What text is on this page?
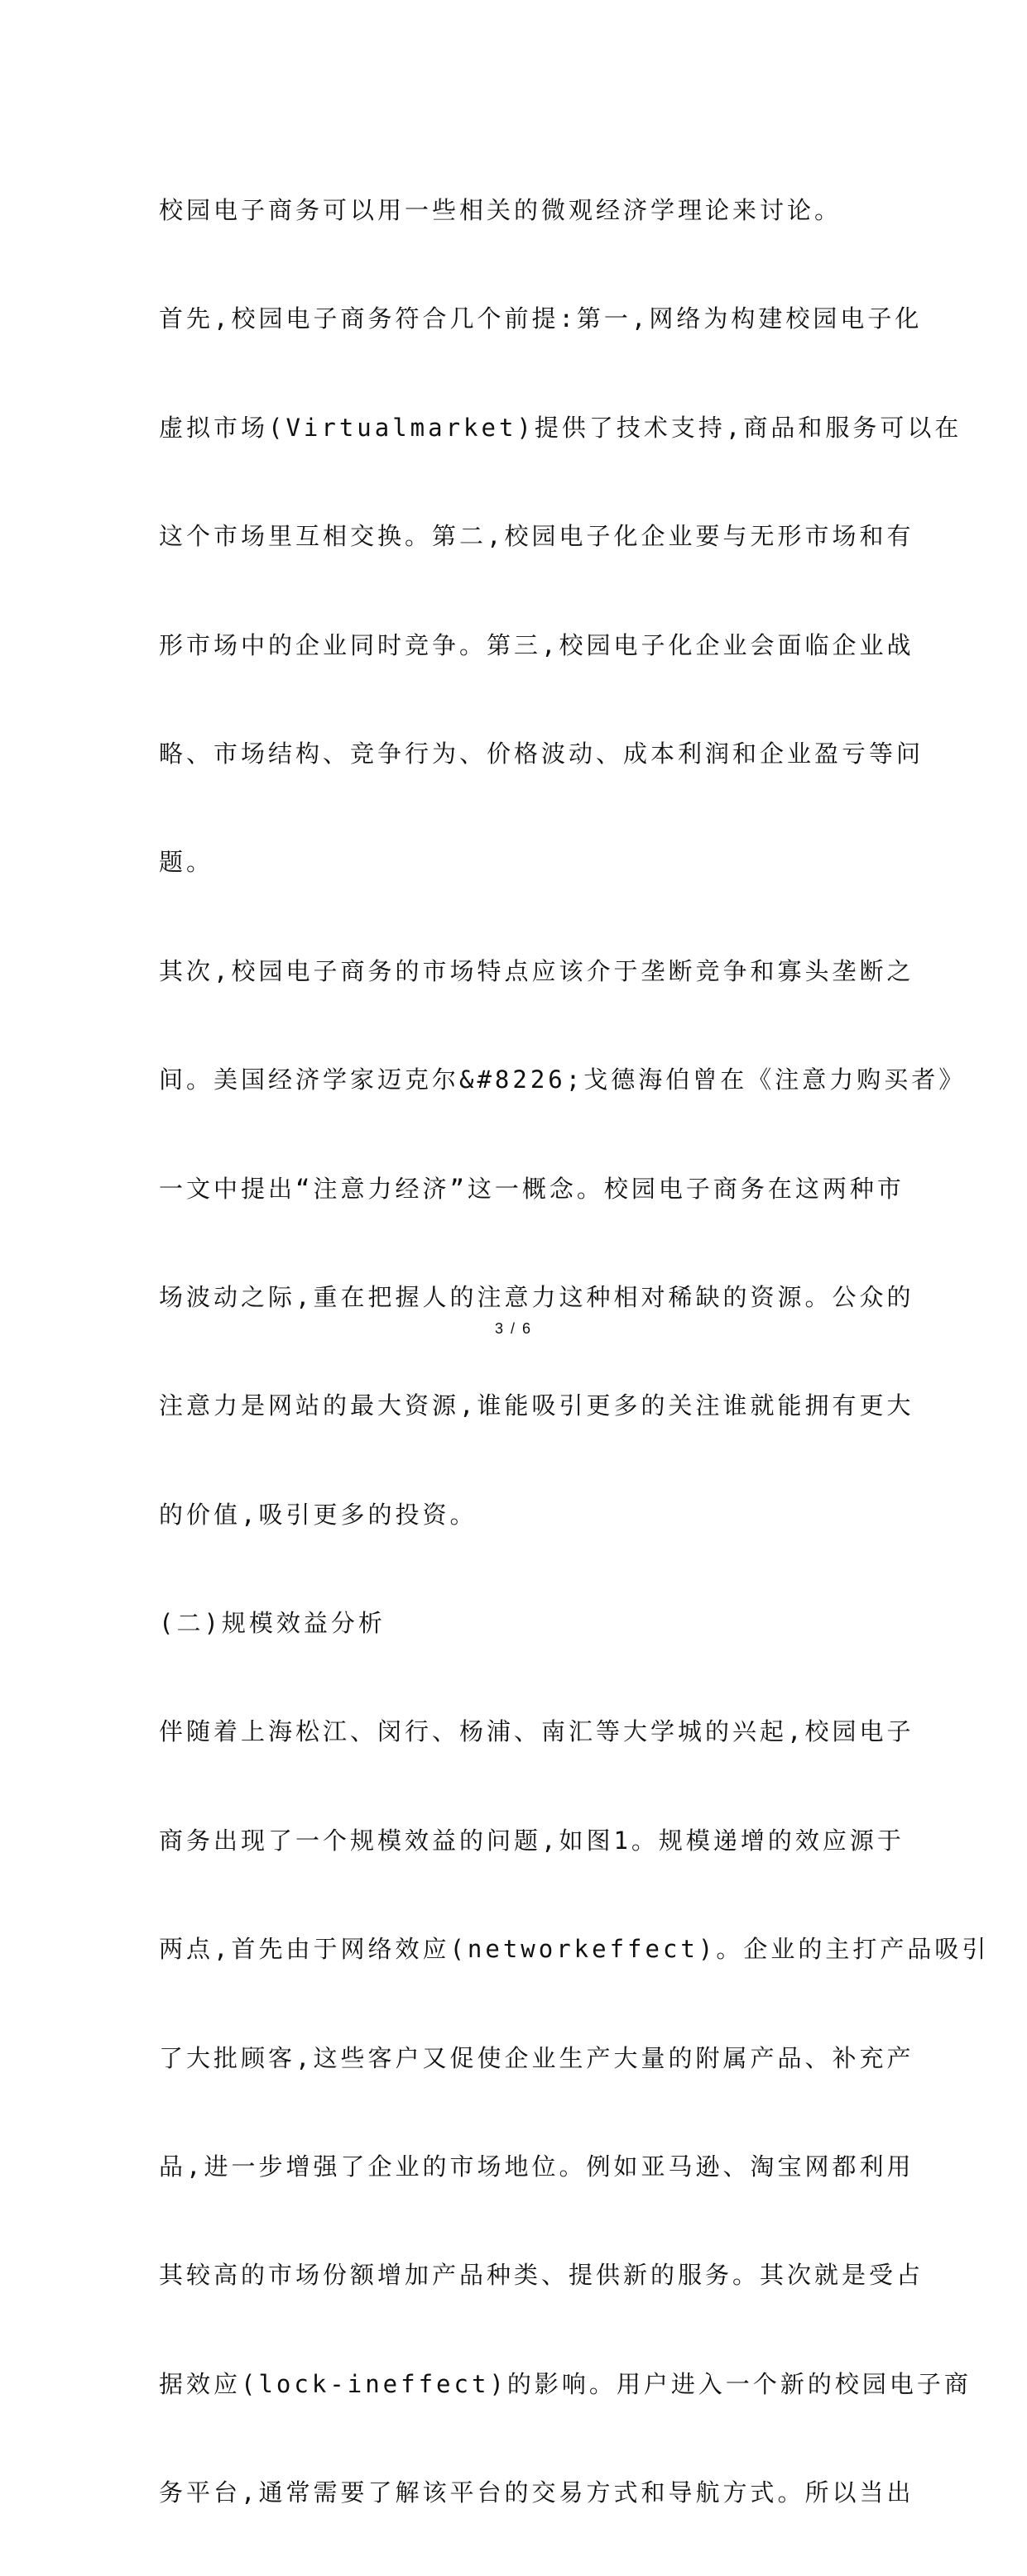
校园电子商务可以用一些相关的微观经济学理论来讨论。

首先,校园电子商务符合几个前提:第一,网络为构建校园电子化

虚拟市场(Virtualmarket)提供了技术支持,商品和服务可以在

这个市场里互相交换。第二,校园电子化企业要与无形市场和有

形市场中的企业同时竞争。第三,校园电子化企业会面临企业战

略、市场结构、竞争行为、价格波动、成本利润和企业盈亏等问

题。

其次,校园电子商务的市场特点应该介于垄断竞争和寡头垄断之

间。美国经济学家迈克尔&#8226;戈德海伯曾在《注意力购买者》

一文中提出“注意力经济”这一概念。校园电子商务在这两种市

场波动之际,重在把握人的注意力这种相对稀缺的资源。公众的

注意力是网站的最大资源,谁能吸引更多的关注谁就能拥有更大

的价值,吸引更多的投资。

(二)规模效益分析

伴随着上海松江、闵行、杨浦、南汇等大学城的兴起,校园电子

商务出现了一个规模效益的问题,如图1。规模递增的效应源于

两点,首先由于网络效应(networkeffect)。企业的主打产品吸引

了大批顾客,这些客户又促使企业生产大量的附属产品、补充产

品,进一步增强了企业的市场地位。例如亚马逊、淘宝网都利用

其较高的市场份额增加产品种类、提供新的服务。其次就是受占

据效应(lock-ineffect)的影响。用户进入一个新的校园电子商

务平台,通常需要了解该平台的交易方式和导航方式。所以当出

3 / 6
